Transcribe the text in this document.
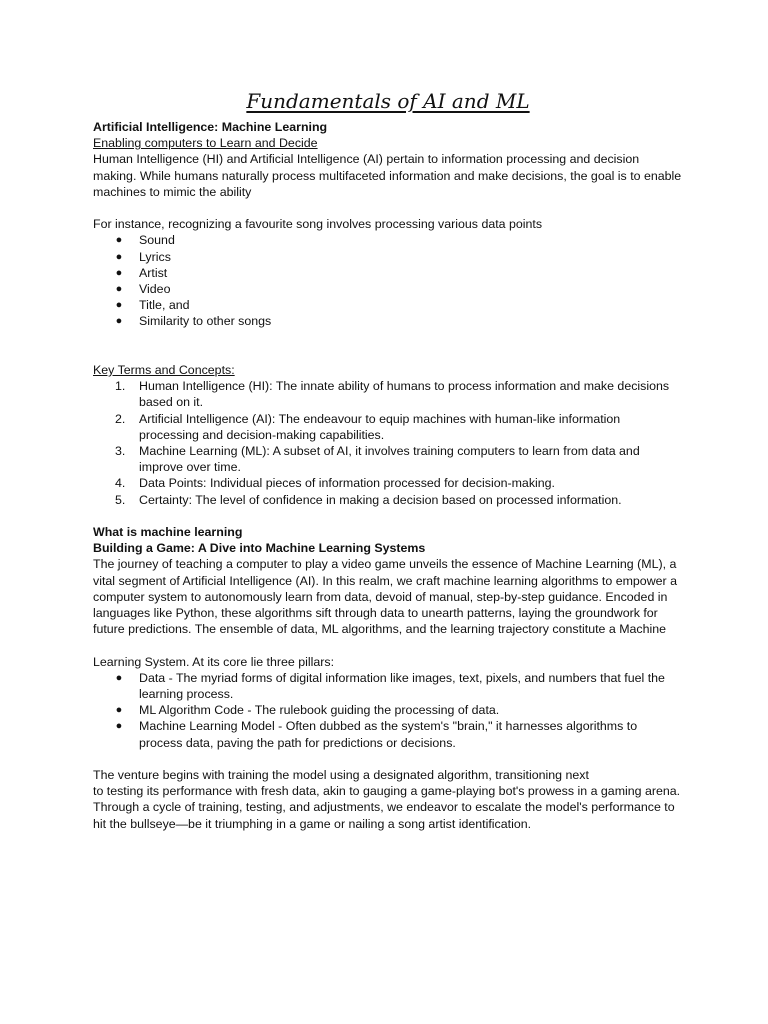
Fundamentals of AI and ML

Artificial Intelligence: Machine Learning

Enabling computers to Learn and Decide

Human Intelligence (HI) and Artificial Intelligence (AI) pertain to information processing and decision making. While humans naturally process multifaceted information and make decisions, the goal is to enable machines to mimic the ability

For instance, recognizing a favourite song involves processing various data points

● Sound
● Lyrics
● Artist
● Video
● Title, and
● Similarity to other songs

Key Terms and Concepts:

1.	Human Intelligence (HI): The innate ability of humans to process information and make decisions based on it.
2.	Artificial Intelligence (AI): The endeavour to equip machines with human-like information processing and decision-making capabilities.
3.	Machine Learning (ML): A subset of AI, it involves training computers to learn from data and improve over time.
4.	Data Points: Individual pieces of information processed for decision-making.
5.	Certainty: The level of confidence in making a decision based on processed information.

What is machine learning

Building a Game: A Dive into Machine Learning Systems

The journey of teaching a computer to play a video game unveils the essence of Machine Learning (ML), a vital segment of Artificial Intelligence (AI). In this realm, we craft machine learning algorithms to empower a computer system to autonomously learn from data, devoid of manual, step-by-step guidance. Encoded in languages like Python, these algorithms sift through data to unearth patterns, laying the groundwork for future predictions. The ensemble of data, ML algorithms, and the learning trajectory constitute a Machine

Learning System. At its core lie three pillars:

● Data - The myriad forms of digital information like images, text, pixels, and numbers that fuel the learning process.
● ML Algorithm Code - The rulebook guiding the processing of data.
● Machine Learning Model - Often dubbed as the system's "brain," it harnesses algorithms to process data, paving the path for predictions or decisions.

The venture begins with training the model using a designated algorithm, transitioning next

to testing its performance with fresh data, akin to gauging a game-playing bot's prowess in a gaming arena. Through a cycle of training, testing, and adjustments, we endeavor to escalate the model's performance to hit the bullseye—be it triumphing in a game or nailing a song artist identification.
